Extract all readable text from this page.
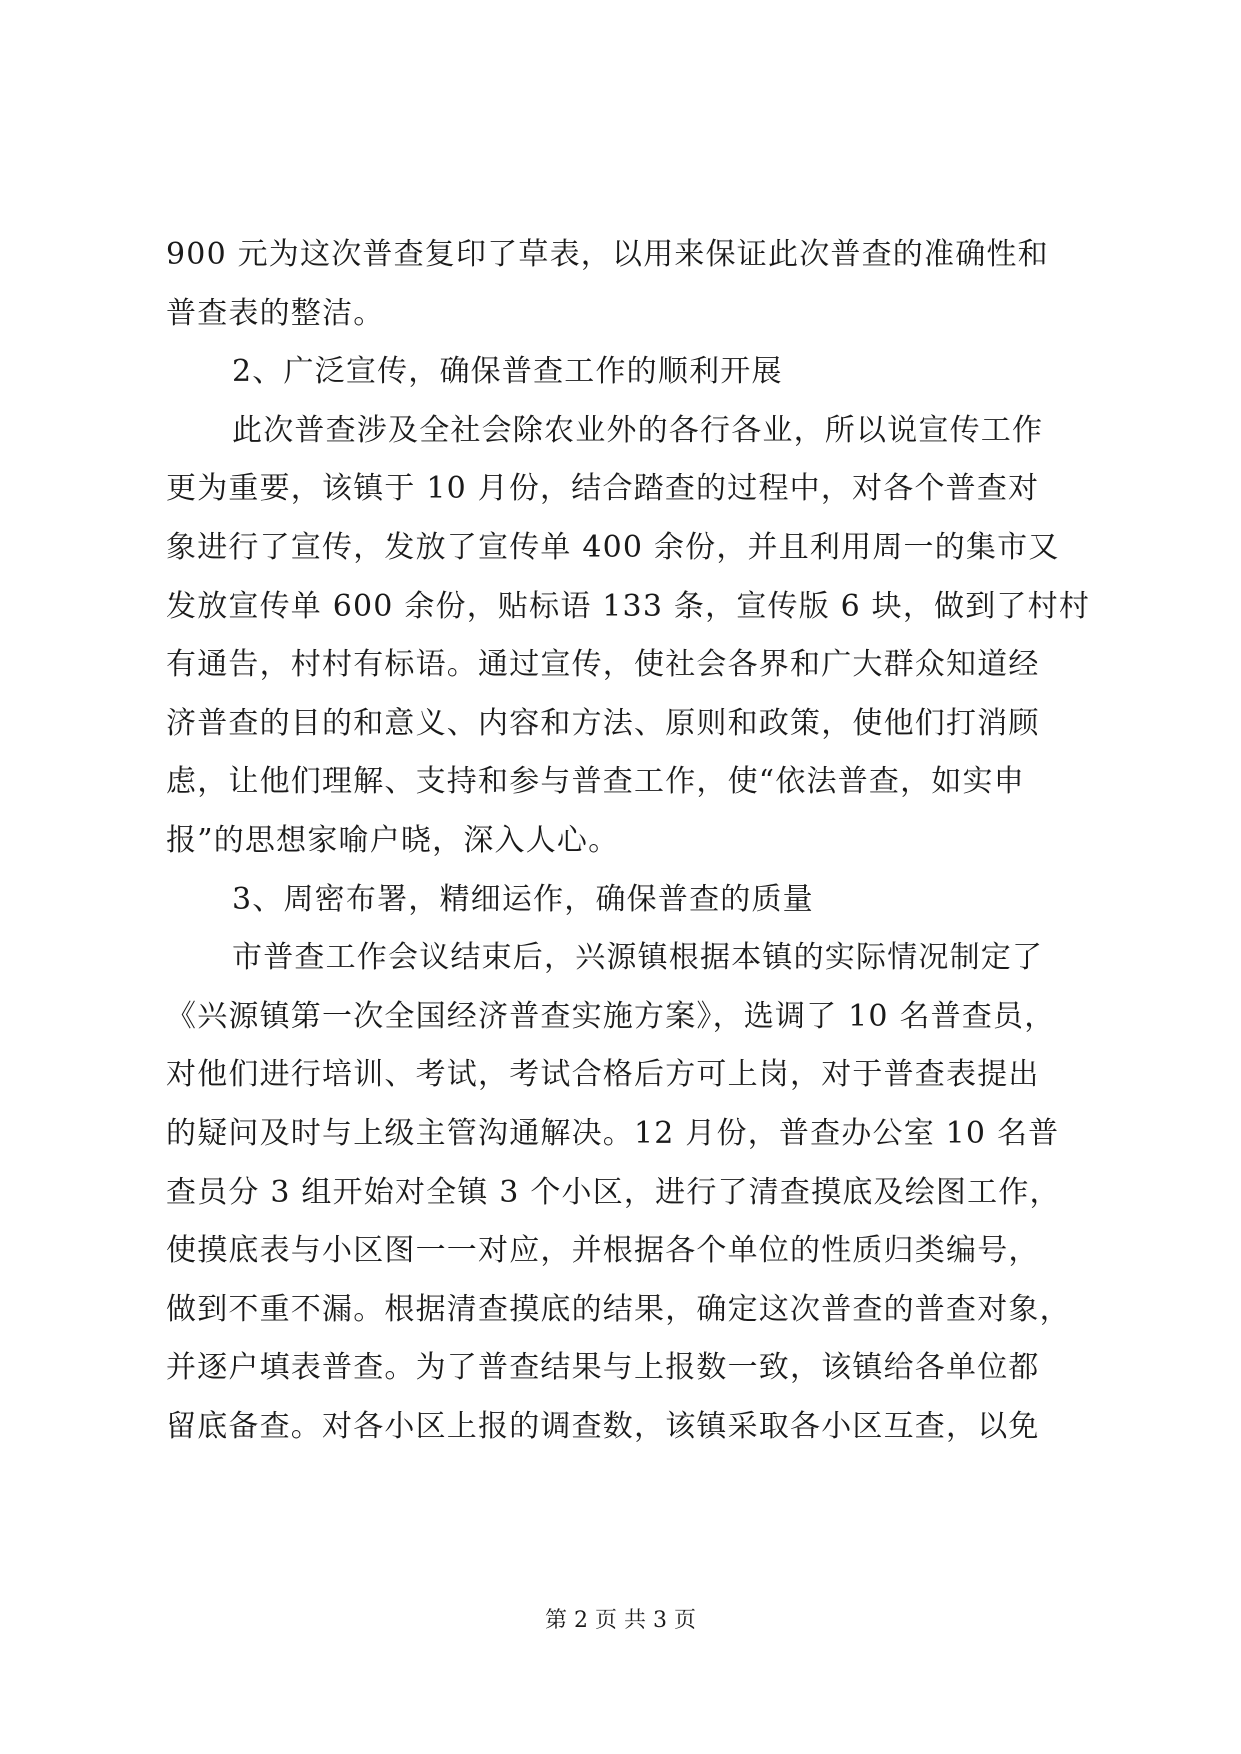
900 元为这次普查复印了草表，以用来保证此次普查的准确性和
普查表的整洁。
2、广泛宣传，确保普查工作的顺利开展
此次普查涉及全社会除农业外的各行各业，所以说宣传工作
更为重要，该镇于 10 月份，结合踏查的过程中，对各个普查对
象进行了宣传，发放了宣传单 400 余份，并且利用周一的集市又
发放宣传单 600 余份，贴标语 133 条，宣传版 6 块，做到了村村
有通告，村村有标语。通过宣传，使社会各界和广大群众知道经
济普查的目的和意义、内容和方法、原则和政策，使他们打消顾
虑，让他们理解、支持和参与普查工作，使“依法普查，如实申
报”的思想家喻户晓，深入人心。
3、周密布署，精细运作，确保普查的质量
市普查工作会议结束后，兴源镇根据本镇的实际情况制定了
《兴源镇第一次全国经济普查实施方案》，选调了 10 名普查员，
对他们进行培训、考试，考试合格后方可上岗，对于普查表提出
的疑问及时与上级主管沟通解决。12 月份，普查办公室 10 名普
查员分 3 组开始对全镇 3 个小区，进行了清查摸底及绘图工作，
使摸底表与小区图一一对应，并根据各个单位的性质归类编号，
做到不重不漏。根据清查摸底的结果，确定这次普查的普查对象，
并逐户填表普查。为了普查结果与上报数一致，该镇给各单位都
留底备查。对各小区上报的调查数，该镇采取各小区互查，以免
第 2 页 共 3 页
